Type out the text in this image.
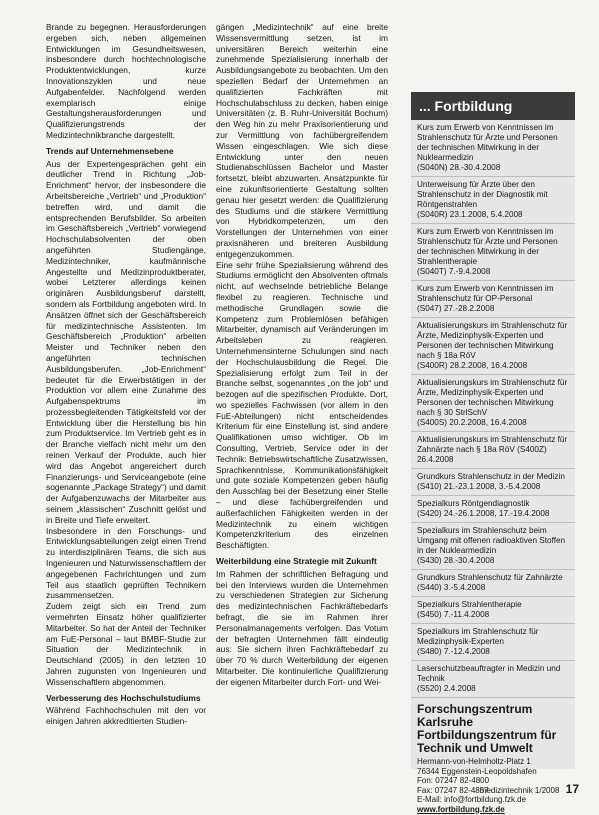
Brande zu begegnen. Herausforderungen ergeben sich, neben allgemeinen Entwicklungen im Gesundheitswesen, insbesondere durch hochtechnologische Produktentwicklungen, kurze Innovationszyklen und neue Aufgabenfelder. Nachfolgend werden exemplarisch einige Gestaltungsherausforderungen und Qualifizierungstrends der Medizintechnikbranche dargestellt.

Trends auf Unternehmensebene

Aus der Expertengesprächen geht ein deutlicher Trend in Richtung „Job-Enrichment“ hervor, der insbesondere die Arbeitsbereiche „Vertrieb“ und „Produktion“ betreffen wird, und damit die entsprechenden Berufsbilder. So arbeiten im Geschäftsbereich „Vertrieb“ vorwiegend Hochschulabsolventen der oben angeführten Studiengänge, Medizintechniker, kaufmännische Angestellte und Medizinproduktberater, wobei Letzterer allerdings keinen originären Ausbildungsberuf darstellt, sondern als Fortbildung angeboten wird. In Ansätzen öffnet sich der Geschäftsbereich für medizintechnische Assistenten. Im Geschäftsbereich „Produktion“ arbeiten Meister und Techniker neben den angeführten technischen Ausbildungsberufen. „Job-Enrichment“ bedeutet für die Erwerbstätigen in der Produktion vor allem eine Zunahme des Aufgabenspektrums im prozessbegleitenden Tätigkeitsfeld vor der Entwicklung über die Herstellung bis hin zum Produktservice. Im Vertrieb geht es in der Branche vielfach nicht mehr um den reinen Verkauf der Produkte, auch hier wird das Angebot angereichert durch Finanzierungs- und Serviceangebote (eine sogenannte „Package Strategy“) und damit der Aufgabenzuwachs der Mitarbeiter aus seinem „klassischen“ Zuschnitt gelöst und in Breite und Tiefe erweitert.

Insbesondere in den Forschungs- und Entwicklungsabteilungen zeigt einen Trend zu interdisziplinären Teams, die sich aus Ingenieuren und Naturwissenschaftlern der angegebenen Fachrichtungen und zum Teil aus staatlich geprüften Technikern zusammensetzen.

Zudem zeigt sich ein Trend zum vermehrten Einsatz höher qualifizierter Mitarbeiter. So hat der Anteil der Techniker am FuE-Personal – laut BMBF-Studie zur Situation der Medizintechnik in Deutschland (2005) in den letzten 10 Jahren zugunsten von Ingenieuren und Wissenschaftlern abgenommen.

Verbesserung des Hochschulstudiums

Während Fachhochschulen mit den vor einigen Jahren akkreditierten Studien-

gängen „Medizintechnik“ auf eine breite Wissensvermittlung setzen, ist im universitären Bereich weiterhin eine zunehmende Spezialisierung innerhalb der Ausbildungsangebote zu beobachten. Um den speziellen Bedarf der Unternehmen an qualifizierten Fachkräften mit Hochschulabschluss zu decken, haben einige Universitäten (z. B. Ruhr-Universität Bochum) den Weg hin zu mehr Praxisorientierung und zur Vermittlung von fachübergreifendem Wissen eingeschlagen. Wie sich diese Entwicklung unter den neuen Studienabschlüssen Bachelor und Master fortsetzt, bleibt abzuwarten. Ansatzpunkte für eine zukunftsorientierte Gestaltung sollten genau hier gesetzt werden: die Qualifizierung des Studiums und die stärkere Vermittlung von Hybridkompetenzen, um den Vorstellungen der Unternehmen von einer praxisnäheren und breiteren Ausbildung entgegenzukommen.

Eine sehr frühe Spezialisierung während des Studiums ermöglicht den Absolventen oftmals nicht, auf wechselnde betriebliche Belange flexibel zu reagieren. Technische und methodische Grundlagen sowie die Kompetenz zum Problemlösen befähigen Mitarbeiter, dynamisch auf Veränderungen im Arbeitsleben zu reagieren. Unternehmensinterne Schulungen sind nach der Hochschulausbildung die Regel. Die Spezialisierung erfolgt zum Teil in der Branche selbst, sogenanntes „on the job“ und bezogen auf die spezifischen Produkte. Dort, wo spezielles Fachwissen (vor allem in den FuE-Abteilungen) nicht entscheidendes Kriterium für eine Einstellung ist, sind andere Qualifikationen umso wichtiger. Ob im Consulting, Vertrieb, Service oder in der Technik: Betriebswirtschaftliche Zusatzwissen, Sprachkenntnisse, Kommunikationsfähigkeit und gute soziale Kompetenzen geben häufig den Ausschlag bei der Besetzung einer Stelle – und diese fachübergreifenden und außerfachlichen Fähigkeiten werden in der Medizintechnik zu einem wichtigen Kompetenzkriterium des einzelnen Beschäftigten.

Weiterbildung eine Strategie mit Zukunft

Im Rahmen der schriftlichen Befragung und bei den Interviews wurden die Unternehmen zu verschiedenen Strategien zur Sicherung des medizintechnischen Fachkräftebedarfs befragt, die sie im Rahmen ihrer Personalmanagements verfolgen. Das Votum der befragten Unternehmen fällt eindeutig aus: Sie sichern ihren Fachkräftebedarf zu über 70 % durch Weiterbildung der eigenen Mitarbeiter. Die kontinuierliche Qualifizierung der eigenen Mitarbeiter durch Fort- und Wei-

... Fortbildung
Kurs zum Erwerb von Kenntnissen im Strahlenschutz für Ärzte und Personen der technischen Mitwirkung in der Nuklearmedizin
(S040N) 28.-30.4.2008
Unterweisung für Ärzte über den Strahlenschutz in der Diagnostik mit Röntgenstrahlen
(S040R) 23.1.2008, 5.4.2008
Kurs zum Erwerb von Kenntnissen im Strahlenschutz für Ärzte und Personen der technischen Mitwirkung in der Strahlentherapie
(S040T) 7.-9.4.2008
Kurs zum Erwerb von Kenntnissen im Strahlenschutz für OP-Personal
(S047) 27.-28.2.2008
Aktualisierungskurs im Strahlenschutz für Ärzte, Medizinphysik-Experten und Personen der technischen Mitwirkung nach § 18a RöV
(S400R) 28.2.2008, 16.4.2008
Aktualisierungskurs im Strahlenschutz für Ärzte, Medizinphysik-Experten und Personen der technischen Mitwirkung nach § 30 StrlSchV
(S400S) 20.2.2008, 16.4.2008
Aktualisierungskurs im Strahlenschutz für Zahnärzte nach § 18a RöV (S400Z)
26.4.2008
Grundkurs Strahlenschutz in der Medizin
(S410) 21.-23.1.2008, 3.-5.4.2008
Spezialkurs Röntgendiagnostik
(S420) 24.-26.1.2008, 17.-19.4.2008
Spezialkurs im Strahlenschutz beim Umgang mit offenen radioaktiven Stoffen in der Nuklearmedizin
(S430) 28.-30.4.2008
Grundkurs Strahlenschutz für Zahnärzte
(S440) 3.-5.4.2008
Spezialkurs Strahlentherapie
(S450) 7.-11.4.2008
Spezialkurs im Strahlenschutz für Medizinphysik-Experten
(S480) 7.-12.4.2008
Laserschutzbeauftragter in Medizin und Technik
(S520) 2.4.2008
Forschungszentrum Karlsruhe
Fortbildungszentrum für Technik und Umwelt
Hermann-von-Helmholtz-Platz 1
76344 Eggenstein-Leopoldshafen
Fon: 07247 82-4800
Fax: 07247 82-4857
E-Mail: info@fortbildung.fzk.de
www.fortbildung.fzk.de
medizintechnik 1/2008 17
